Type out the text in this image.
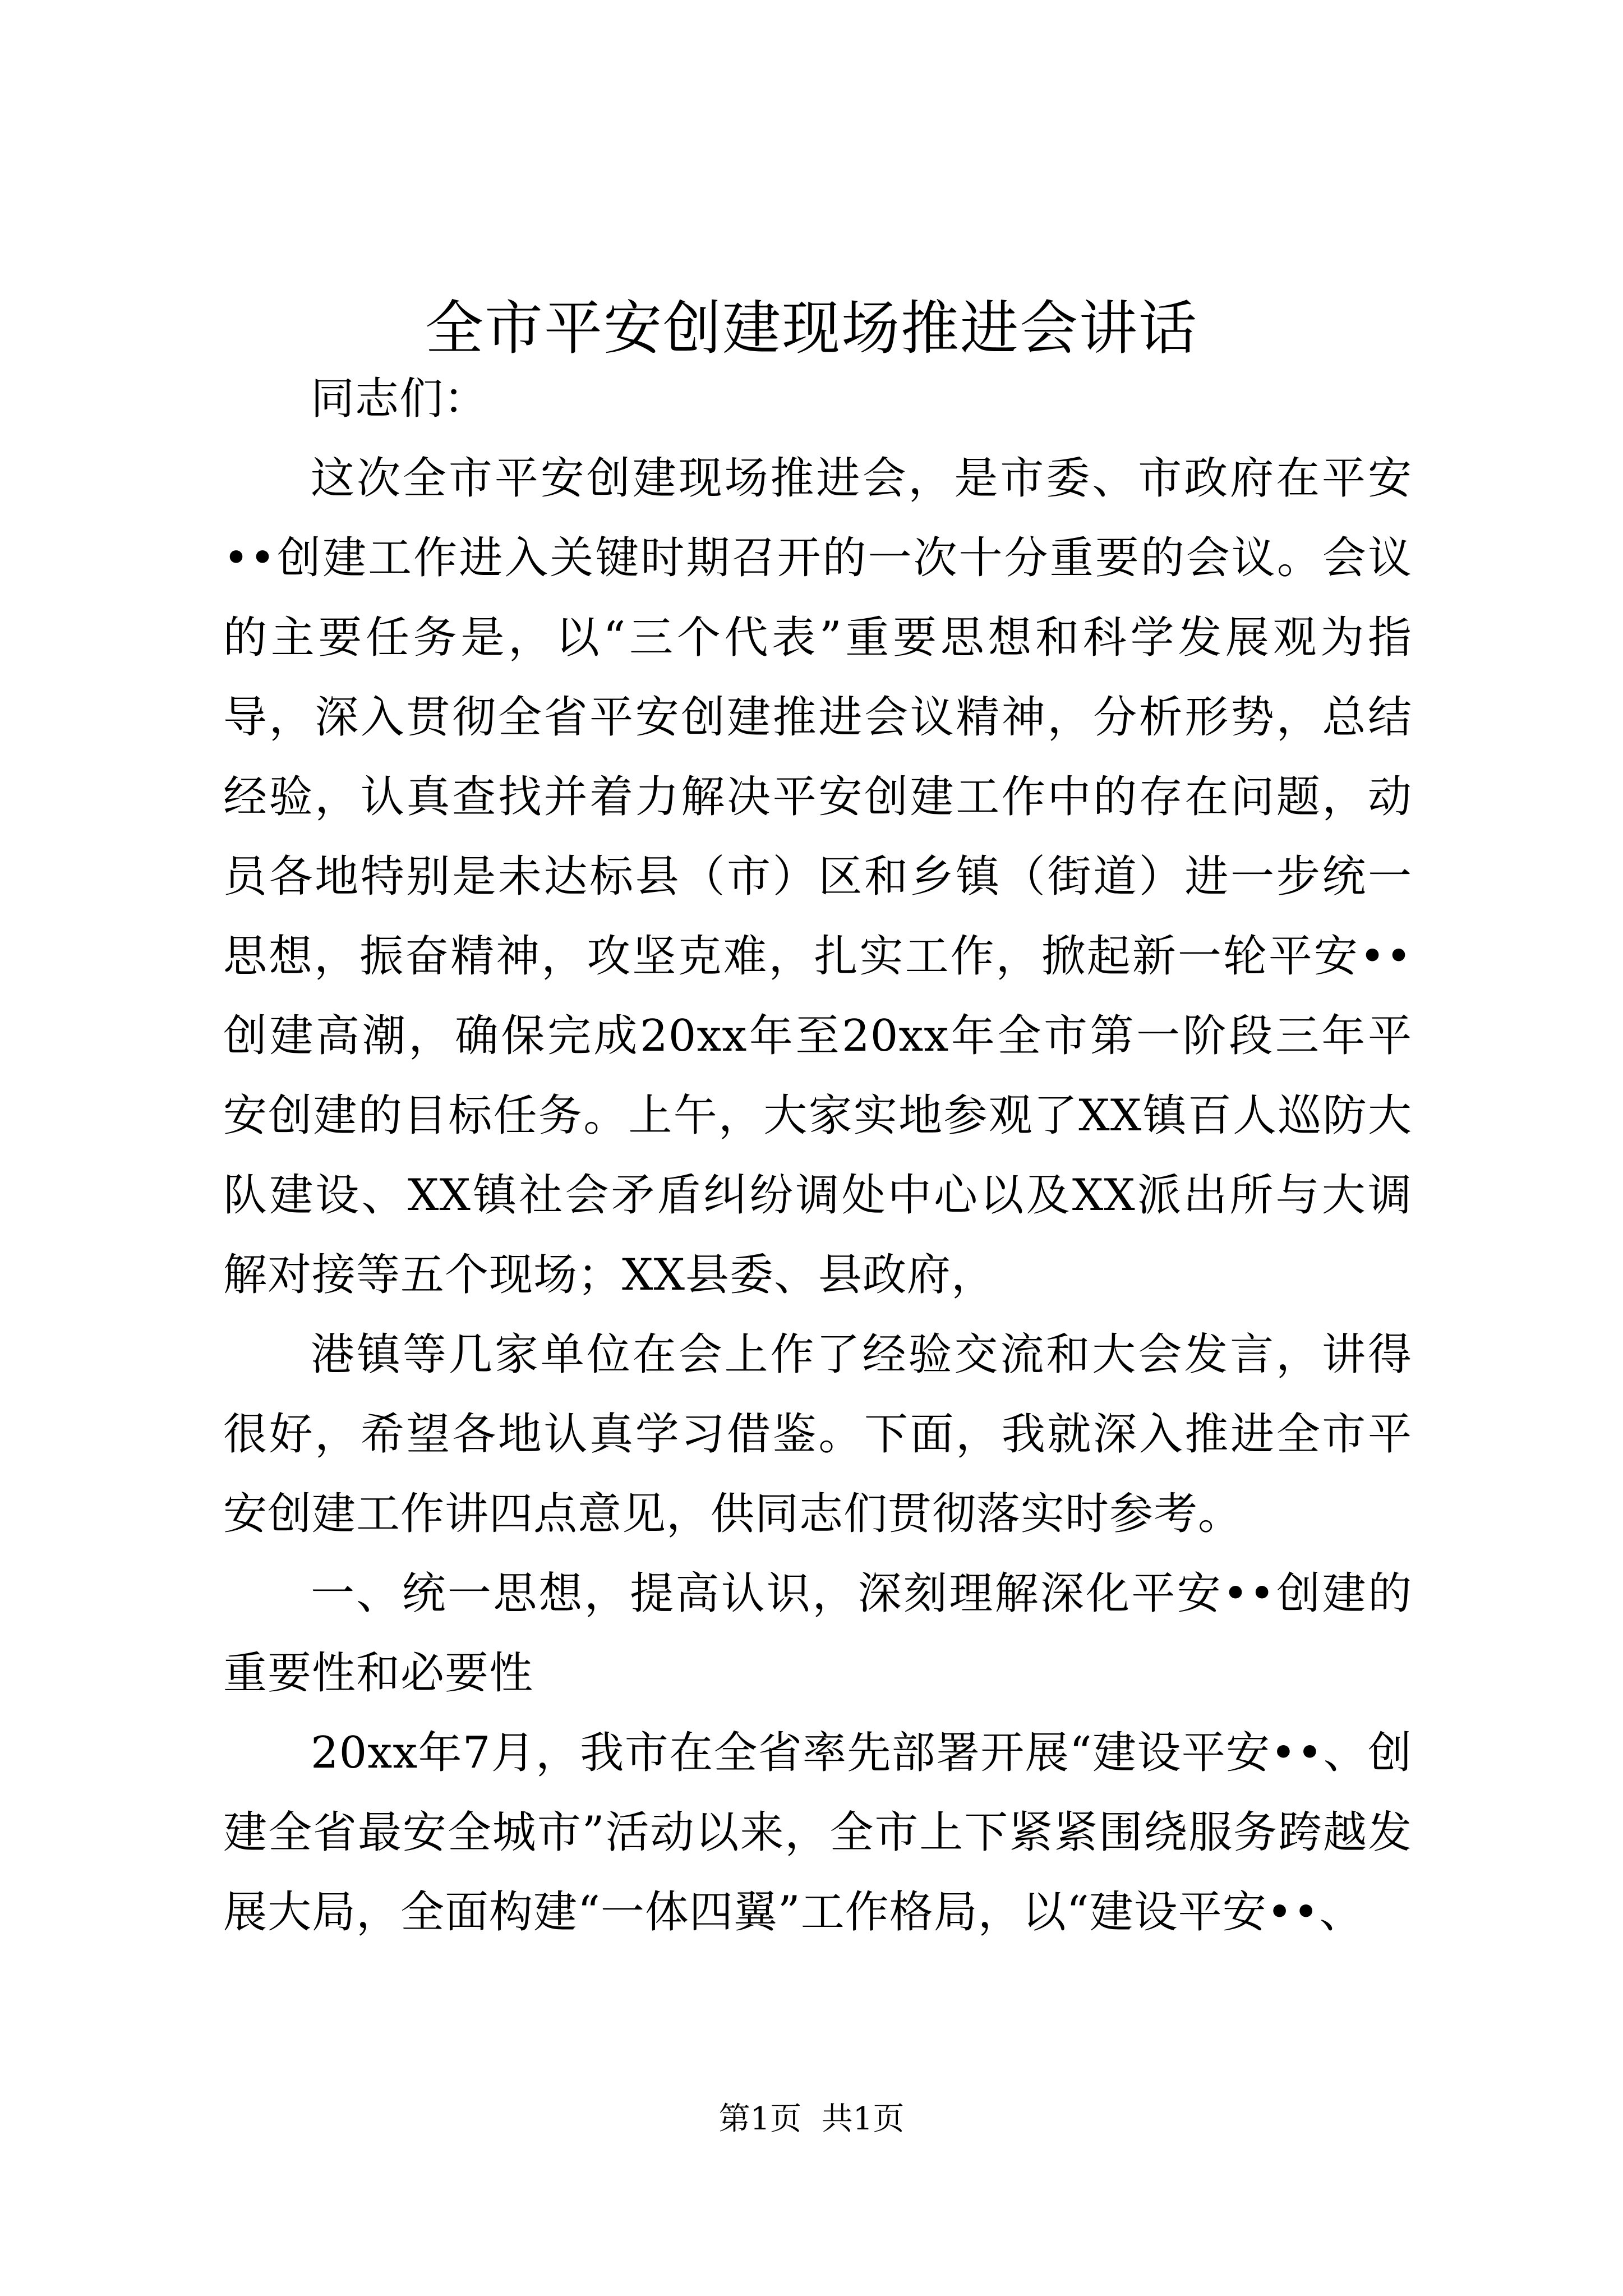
全市平安创建现场推进会讲话

同志们：

这次全市平安创建现场推进会，是市委、市政府在平安••创建工作进入关键时期召开的一次十分重要的会议。会议的主要任务是，以“三个代表”重要思想和科学发展观为指导，深入贯彻全省平安创建推进会议精神，分析形势，总结经验，认真查找并着力解决平安创建工作中的存在问题，动员各地特别是未达标县（市）区和乡镇（街道）进一步统一思想，振奋精神，攻坚克难，扎实工作，掀起新一轮平安••创建高潮，确保完成20xx年至20xx年全市第一阶段三年平安创建的目标任务。上午，大家实地参观了XX镇百人巡防大队建设、XX镇社会矛盾纠纷调处中心以及XX派出所与大调解对接等五个现场；XX县委、县政府，

港镇等几家单位在会上作了经验交流和大会发言，讲得很好，希望各地认真学习借鉴。下面，我就深入推进全市平安创建工作讲四点意见，供同志们贯彻落实时参考。

一、统一思想，提高认识，深刻理解深化平安••创建的重要性和必要性

20xx年7月，我市在全省率先部署开展“建设平安••、创建全省最安全城市”活动以来，全市上下紧紧围绕服务跨越发展大局，全面构建“一体四翼”工作格局，以“建设平安••、

第1页 共1页
